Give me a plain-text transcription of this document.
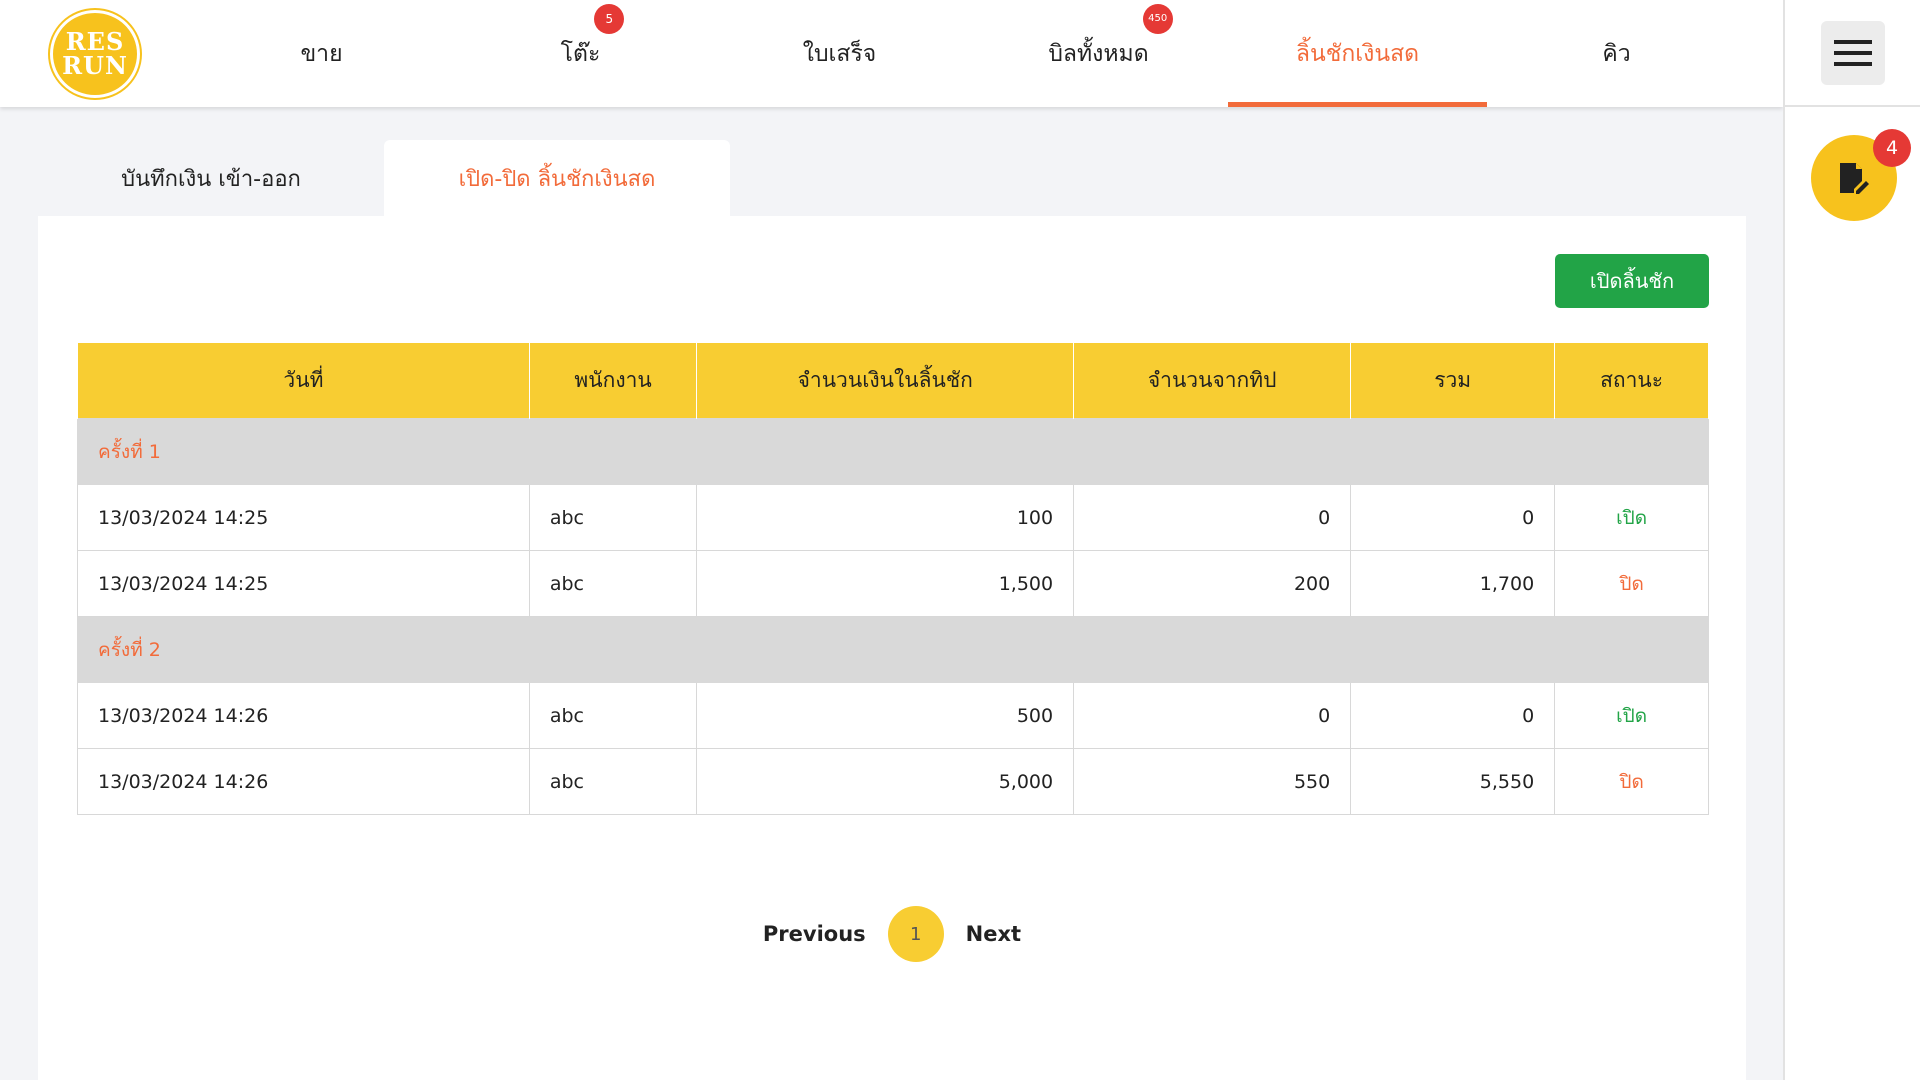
RES
RUN	ขาย	โต๊ะ
5
ใบเสร็จ	บิลทั้งหมด
450
ลิ้นชักเงินสด	คิว
4
บันทึกเงิน เข้า-ออก	เปิด-ปิด ลิ้นชักเงินสด
เปิดลิ้นชัก
วันที่	พนักงาน	จำนวนเงินในลิ้นชัก	จำนวนจากทิป	รวม	สถานะ
ครั้งที่ 1					
13/03/2024 14:25	abc	100	0	0	เปิด
13/03/2024 14:25	abc	1,500	200	1,700	ปิด
ครั้งที่ 2					
13/03/2024 14:26	abc	500	0	0	เปิด
13/03/2024 14:26	abc	5,000	550	5,550	ปิด
Previous	1	Next
